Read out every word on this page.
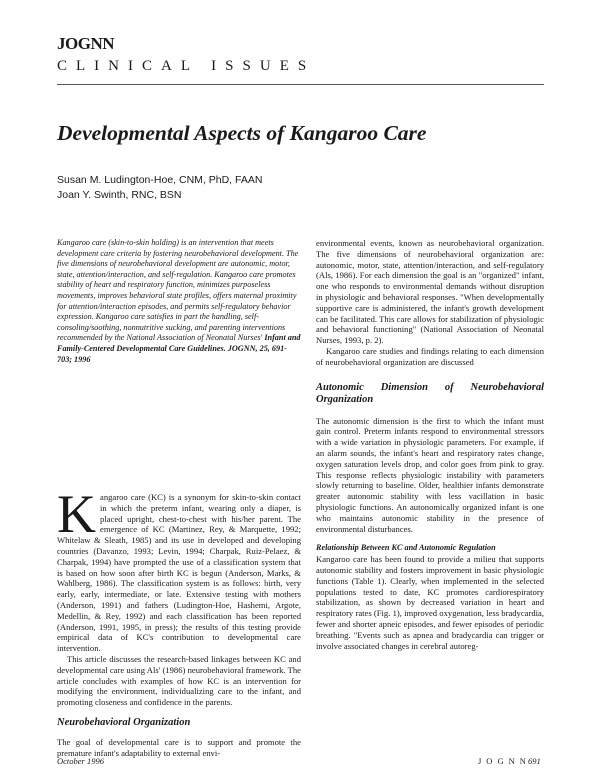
JOGNN
CLINICAL ISSUES
Developmental Aspects of Kangaroo Care
Susan M. Ludington-Hoe, CNM, PhD, FAAN
Joan Y. Swinth, RNC, BSN
Kangaroo care (skin-to-skin holding) is an intervention that meets development care criteria by fostering neurobehavioral development. The five dimensions of neurobehavioral development are autonomic, motor, state, attention/interaction, and self-regulation. Kangaroo care promotes stability of heart and respiratory function, minimizes purposeless movements, improves behavioral state profiles, offers maternal proximity for attention/interaction episodes, and permits self-regulatory behavior expression. Kangaroo care satisfies in part the handling, self-consoling/soothing, nonnutritive sucking, and parenting interventions recommended by the National Association of Neonatal Nurses' Infant and Family-Centered Developmental Care Guidelines. JOGNN, 25, 691-703; 1996

environmental events, known as neurobehavioral organization. The five dimensions of neurobehavioral organization are: autonomic, motor, state, attention/interaction, and self-regulatory (Als, 1986). For each dimension the goal is an "organized" infant, one who responds to environmental demands without disruption in physiologic and behavioral responses. "When developmentally supportive care is administered, the infant's growth development can be facilitated. This care allows for stabilization of physiologic and behavioral functioning" (National Association of Neonatal Nurses, 1993, p. 2).

Kangaroo care studies and findings relating to each dimension of neurobehavioral organization are discussed

Autonomic Dimension of Neurobehavioral Organization

The autonomic dimension is the first to which the infant must gain control. Preterm infants respond to environmental stressors with a wide variation in physiologic parameters. For example, if an alarm sounds, the infant's heart and respiratory rates change, oxygen saturation levels drop, and color goes from pink to gray. This response reflects physiologic instability with parameters slowly returning to baseline. Older, healthier infants demonstrate greater autonomic stability with less vacillation in basic physiologic functions. An autonomically organized infant is one who maintains autonomic stability in the presence of environmental disturbances.

Relationship Between KC and Autonomic Regulation

Kangaroo care has been found to provide a milieu that supports autonomic stability and fosters improvement in basic physiologic functions (Table 1). Clearly, when implemented in the selected populations tested to date, KC promotes cardiorespiratory stabilization, as shown by decreased variation in heart and respiratory rates (Fig. 1), improved oxygenation, less bradycardia, fewer and shorter apneic episodes, and fewer episodes of periodic breathing. "Events such as apnea and bradycardia can trigger or involve associated changes in cerebral autoreg-

K angaroo care (KC) is a synonym for skin-to-skin contact in which the preterm infant, wearing only a diaper, is placed upright, chest-to-chest with his/her parent. The emergence of KC (Martinez, Rey, & Marquette, 1992; Whitelaw & Sleath, 1985) and its use in developed and developing countries (Davanzo, 1993; Levin, 1994; Charpak, Ruiz-Pelaez, & Charpak, 1994) have prompted the use of a classification system that is based on how soon after birth KC is begun (Anderson, Marks, & Wahlberg, 1986). The classification system is as follows: birth, very early, early, intermediate, or late. Extensive testing with mothers (Anderson, 1991) and fathers (Ludington-Hoe, Hashemi, Argote, Medellin, & Rey, 1992) and each classification has been reported (Anderson, 1991, 1995, in press); the results of this testing provide empirical data of KC's contribution to developmental care intervention.

This article discusses the research-based linkages between KC and developmental care using Als' (1986) neurobehavioral framework. The article concludes with examples of how KC is an intervention for modifying the environment, individualizing care to the infant, and promoting closeness and confidence in the parents.

Neurobehavioral Organization

The goal of developmental care is to support and promote the premature infant's adaptability to external envi-

October 1996	JOGNN
691
